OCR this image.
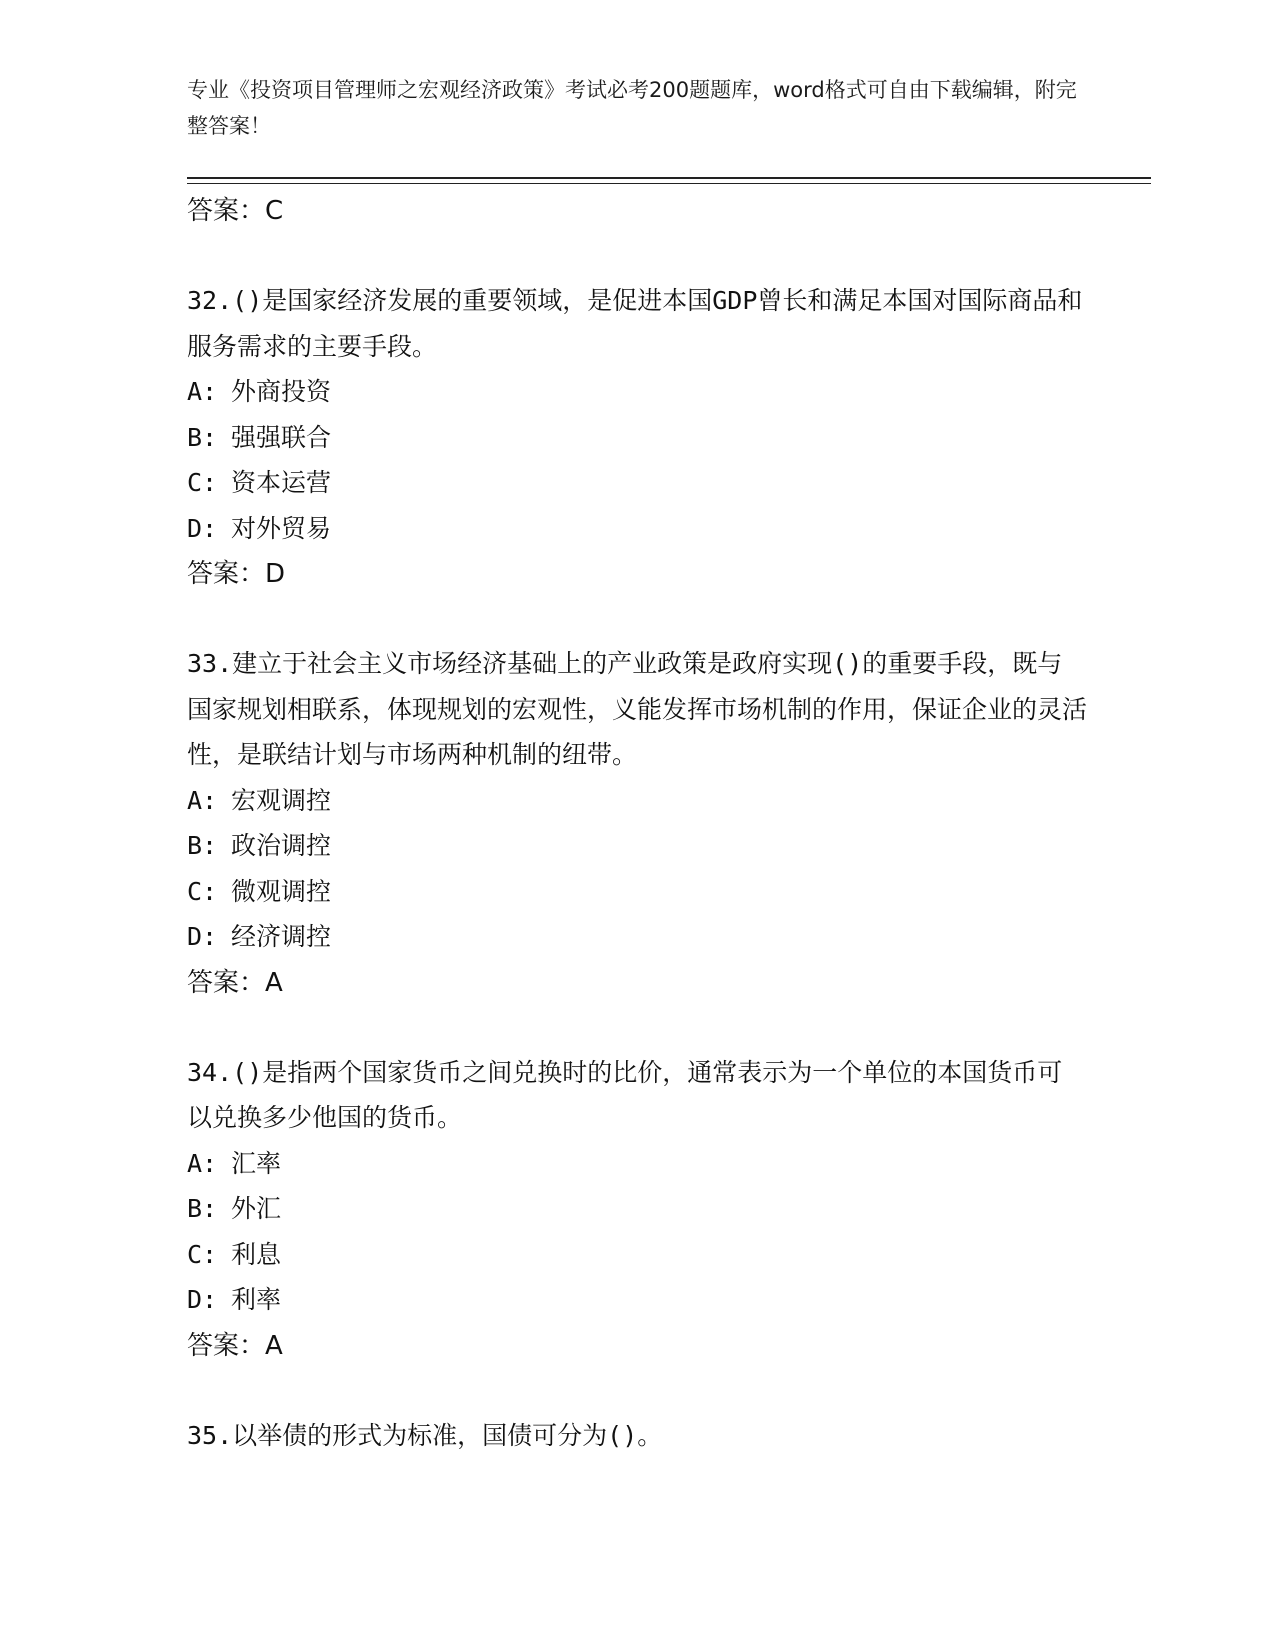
专业《投资项目管理师之宏观经济政策》考试必考200题题库，word格式可自由下载编辑，附完整答案！
答案：C
32.()是国家经济发展的重要领域，是促进本国GDP曾长和满足本国对国际商品和服务需求的主要手段。
A: 外商投资
B: 强强联合
C: 资本运营
D: 对外贸易
答案：D
33.建立于社会主义市场经济基础上的产业政策是政府实现()的重要手段，既与国家规划相联系，体现规划的宏观性，义能发挥市场机制的作用，保证企业的灵活性，是联结计划与市场两种机制的纽带。
A: 宏观调控
B: 政治调控
C: 微观调控
D: 经济调控
答案：A
34.()是指两个国家货币之间兑换时的比价，通常表示为一个单位的本国货币可以兑换多少他国的货币。
A: 汇率
B: 外汇
C: 利息
D: 利率
答案：A
35.以举债的形式为标准，国债可分为()。
